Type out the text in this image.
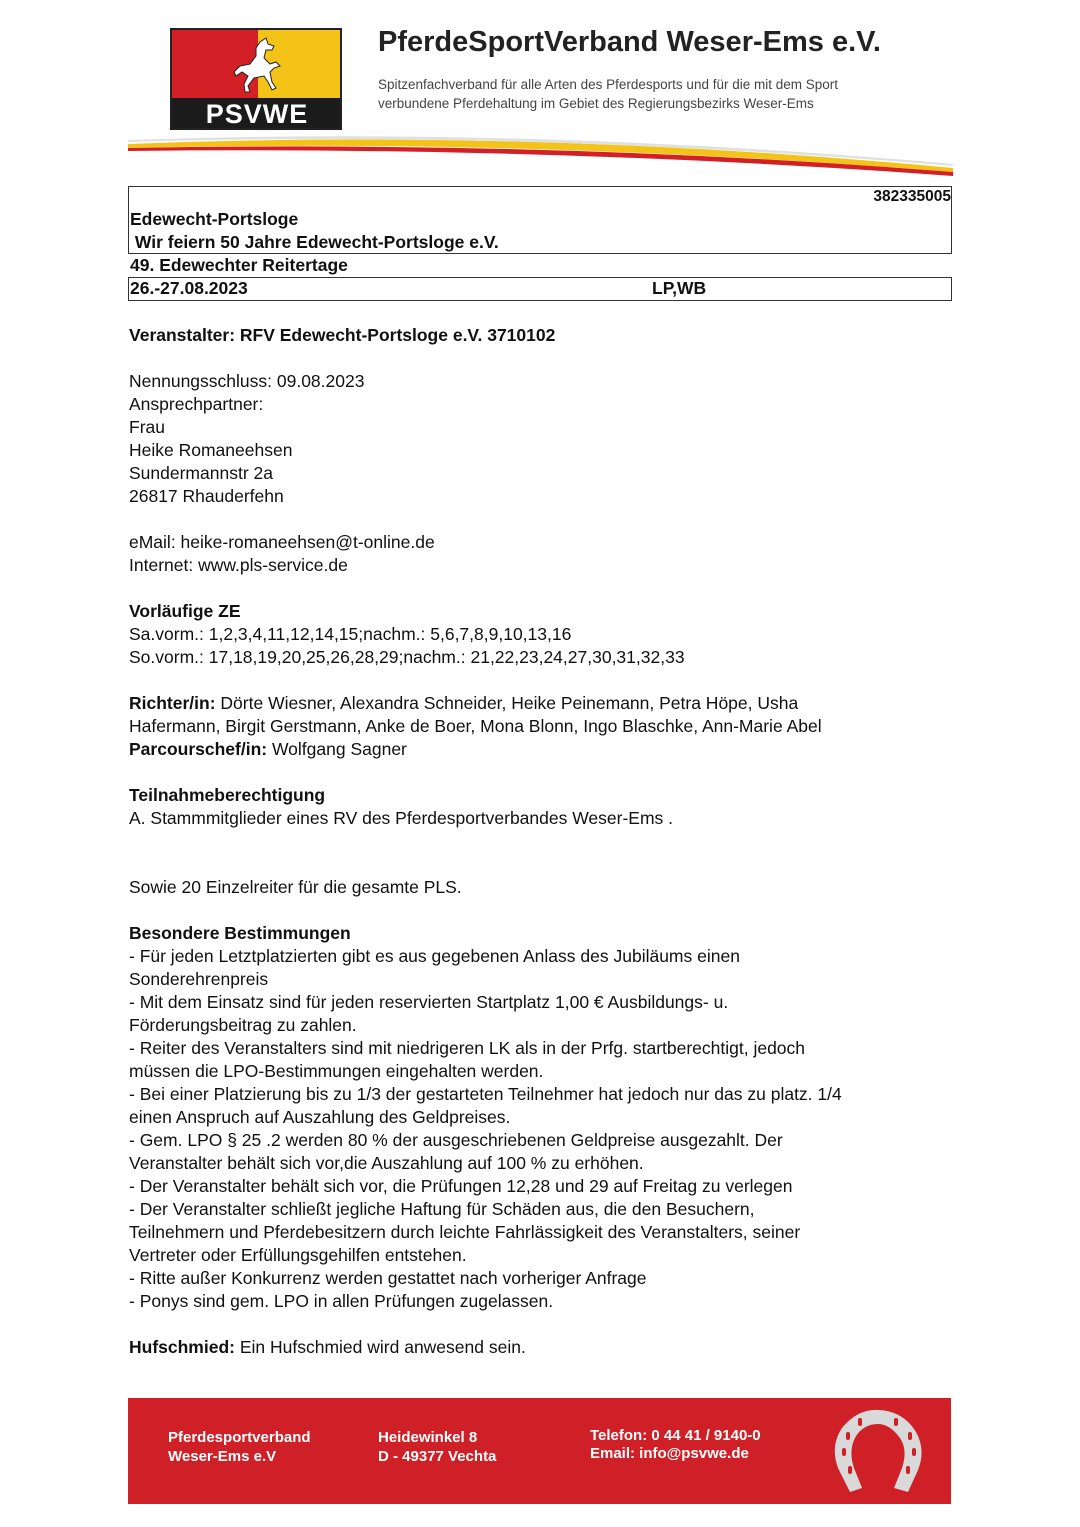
PSVWE
PferdeSportVerband Weser-Ems e.V.
Spitzenfachverband für alle Arten des Pferdesports und für die mit dem Sport
verbundene Pferdehaltung im Gebiet des Regierungsbezirks Weser-Ems
382335005
Edewecht-Portsloge
Wir feiern 50 Jahre Edewecht-Portsloge e.V.
49. Edewechter Reitertage
26.-27.08.2023	LP,WB
Veranstalter: RFV Edewecht-Portsloge e.V. 3710102
Nennungsschluss: 09.08.2023
Ansprechpartner:
Frau
Heike Romaneehsen
Sundermannstr 2a
26817 Rhauderfehn
eMail: heike-romaneehsen@t-online.de
Internet: www.pls-service.de
Vorläufige ZE
Sa.vorm.: 1,2,3,4,11,12,14,15;nachm.: 5,6,7,8,9,10,13,16
So.vorm.: 17,18,19,20,25,26,28,29;nachm.: 21,22,23,24,27,30,31,32,33
Richter/in: Dörte Wiesner, Alexandra Schneider, Heike Peinemann, Petra Höpe, Usha
Hafermann, Birgit Gerstmann, Anke de Boer, Mona Blonn, Ingo Blaschke, Ann-Marie Abel
Parcourschef/in: Wolfgang Sagner
Teilnahmeberechtigung
A. Stammmitglieder eines RV des Pferdesportverbandes Weser-Ems .
Sowie 20 Einzelreiter für die gesamte PLS.
Besondere Bestimmungen
- Für jeden Letztplatzierten gibt es aus gegebenen Anlass des Jubiläums einen
Sonderehrenpreis
- Mit dem Einsatz sind für jeden reservierten Startplatz 1,00 € Ausbildungs- u.
Förderungsbeitrag zu zahlen.
- Reiter des Veranstalters sind mit niedrigeren LK als in der Prfg. startberechtigt, jedoch
müssen die LPO-Bestimmungen eingehalten werden.
- Bei einer Platzierung bis zu 1/3 der gestarteten Teilnehmer hat jedoch nur das zu platz. 1/4
einen Anspruch auf Auszahlung des Geldpreises.
- Gem. LPO § 25 .2 werden 80 % der ausgeschriebenen Geldpreise ausgezahlt. Der
Veranstalter behält sich vor,die Auszahlung auf 100 % zu erhöhen.
- Der Veranstalter behält sich vor, die Prüfungen 12,28 und 29 auf Freitag zu verlegen
- Der Veranstalter schließt jegliche Haftung für Schäden aus, die den Besuchern,
Teilnehmern und Pferdebesitzern durch leichte Fahrlässigkeit des Veranstalters, seiner
Vertreter oder Erfüllungsgehilfen entstehen.
- Ritte außer Konkurrenz werden gestattet nach vorheriger Anfrage
- Ponys sind gem. LPO in allen Prüfungen zugelassen.
Hufschmied: Ein Hufschmied wird anwesend sein.
Pferdesportverband
Weser-Ems e.V
Heidewinkel 8
D - 49377 Vechta
Telefon: 0 44 41 / 9140-0
Email: info@psvwe.de
